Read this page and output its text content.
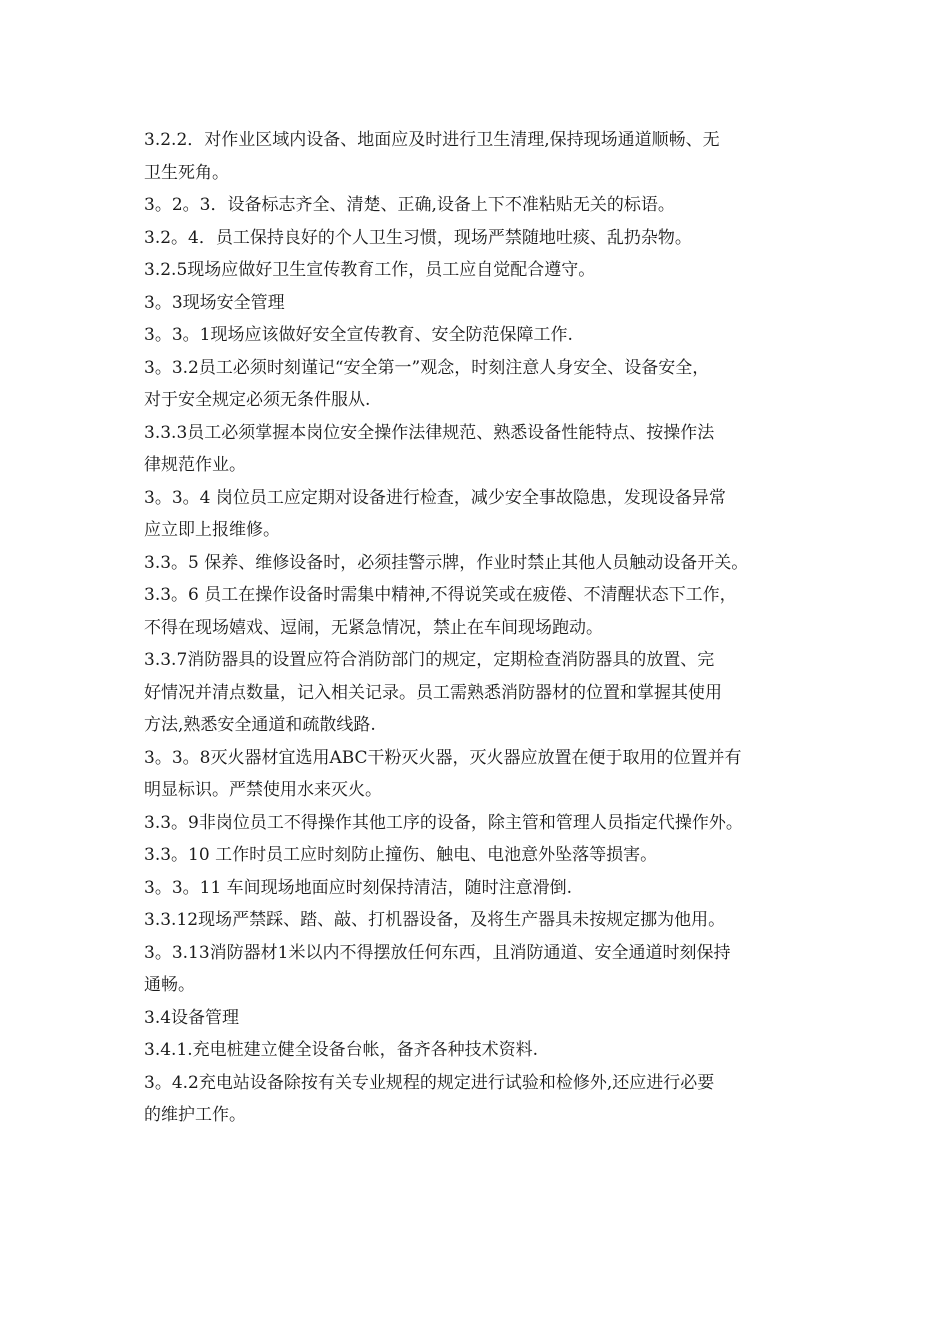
3.2.2．对作业区域内设备、地面应及时进行卫生清理,保持现场通道顺畅、无
卫生死角。
3。2。3．设备标志齐全、清楚、正确,设备上下不准粘贴无关的标语。
3.2。4．员工保持良好的个人卫生习惯，现场严禁随地吐痰、乱扔杂物。
3.2.5现场应做好卫生宣传教育工作，员工应自觉配合遵守。
3。3现场安全管理
3。3。1现场应该做好安全宣传教育、安全防范保障工作.
3。3.2员工必须时刻谨记“安全第一”观念，时刻注意人身安全、设备安全，
对于安全规定必须无条件服从.
3.3.3员工必须掌握本岗位安全操作法律规范、熟悉设备性能特点、按操作法
律规范作业。
3。3。4 岗位员工应定期对设备进行检查，减少安全事故隐患，发现设备异常
应立即上报维修。
3.3。5 保养、维修设备时，必须挂警示牌，作业时禁止其他人员触动设备开关。
3.3。6 员工在操作设备时需集中精神,不得说笑或在疲倦、不清醒状态下工作，
不得在现场嬉戏、逗闹，无紧急情况，禁止在车间现场跑动。
3.3.7消防器具的设置应符合消防部门的规定，定期检查消防器具的放置、完
好情况并清点数量，记入相关记录。员工需熟悉消防器材的位置和掌握其使用
方法,熟悉安全通道和疏散线路.
3。3。8灭火器材宜选用ABC干粉灭火器，灭火器应放置在便于取用的位置并有
明显标识。严禁使用水来灭火。
3.3。9非岗位员工不得操作其他工序的设备，除主管和管理人员指定代操作外。
3.3。10 工作时员工应时刻防止撞伤、触电、电池意外坠落等损害。
3。3。11 车间现场地面应时刻保持清洁，随时注意滑倒.
3.3.12现场严禁踩、踏、敲、打机器设备，及将生产器具未按规定挪为他用。
3。3.13消防器材1米以内不得摆放任何东西，且消防通道、安全通道时刻保持
通畅。
3.4设备管理
3.4.1.充电桩建立健全设备台帐，备齐各种技术资料.
3。4.2充电站设备除按有关专业规程的规定进行试验和检修外,还应进行必要
的维护工作。
